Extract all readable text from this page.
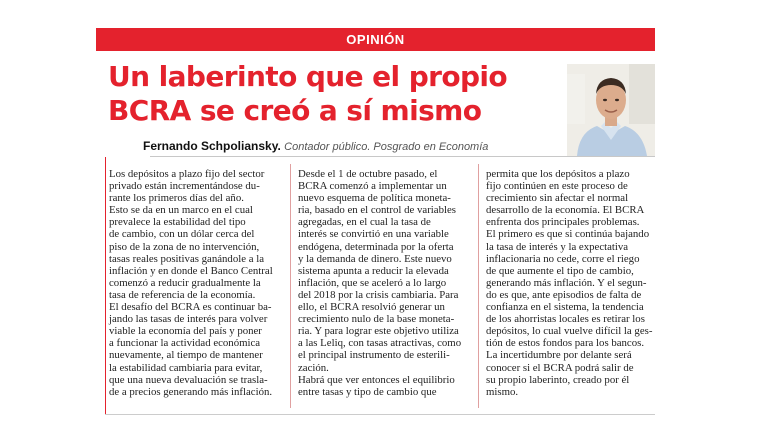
OPINIÓN
Un laberinto que el propio
BCRA se creó a sí mismo
Fernando Schpoliansky. Contador público. Posgrado en Economía
Los depósitos a plazo fijo del sector
privado están incrementándose du-
rante los primeros días del año.
Esto se da en un marco en el cual
prevalece la estabilidad del tipo
de cambio, con un dólar cerca del
piso de la zona de no intervención,
tasas reales positivas ganándole a la
inflación y en donde el Banco Central
comenzó a reducir gradualmente la
tasa de referencia de la economía.
El desafío del BCRA es continuar ba-
jando las tasas de interés para volver
viable la economía del país y poner
a funcionar la actividad económica
nuevamente, al tiempo de mantener
la estabilidad cambiaria para evitar,
que una nueva devaluación se trasla-
de a precios generando más inflación.
Desde el 1 de octubre pasado, el
BCRA comenzó a implementar un
nuevo esquema de política moneta-
ria, basado en el control de variables
agregadas, en el cual la tasa de
interés se convirtió en una variable
endógena, determinada por la oferta
y la demanda de dinero. Este nuevo
sistema apunta a reducir la elevada
inflación, que se aceleró a lo largo
del 2018 por la crisis cambiaria. Para
ello, el BCRA resolvió generar un
crecimiento nulo de la base moneta-
ria. Y para lograr este objetivo utiliza
a las Leliq, con tasas atractivas, como
el principal instrumento de esterili-
zación.
Habrá que ver entonces el equilibrio
entre tasas y tipo de cambio que
permita que los depósitos a plazo
fijo continúen en este proceso de
crecimiento sin afectar el normal
desarrollo de la economía. El BCRA
enfrenta dos principales problemas.
El primero es que si continúa bajando
la tasa de interés y la expectativa
inflacionaria no cede, corre el riego
de que aumente el tipo de cambio,
generando más inflación. Y el segun-
do es que, ante episodios de falta de
confianza en el sistema, la tendencia
de los ahorristas locales es retirar los
depósitos, lo cual vuelve difícil la ges-
tión de estos fondos para los bancos.
La incertidumbre por delante será
conocer si el BCRA podrá salir de
su propio laberinto, creado por él
mismo.
